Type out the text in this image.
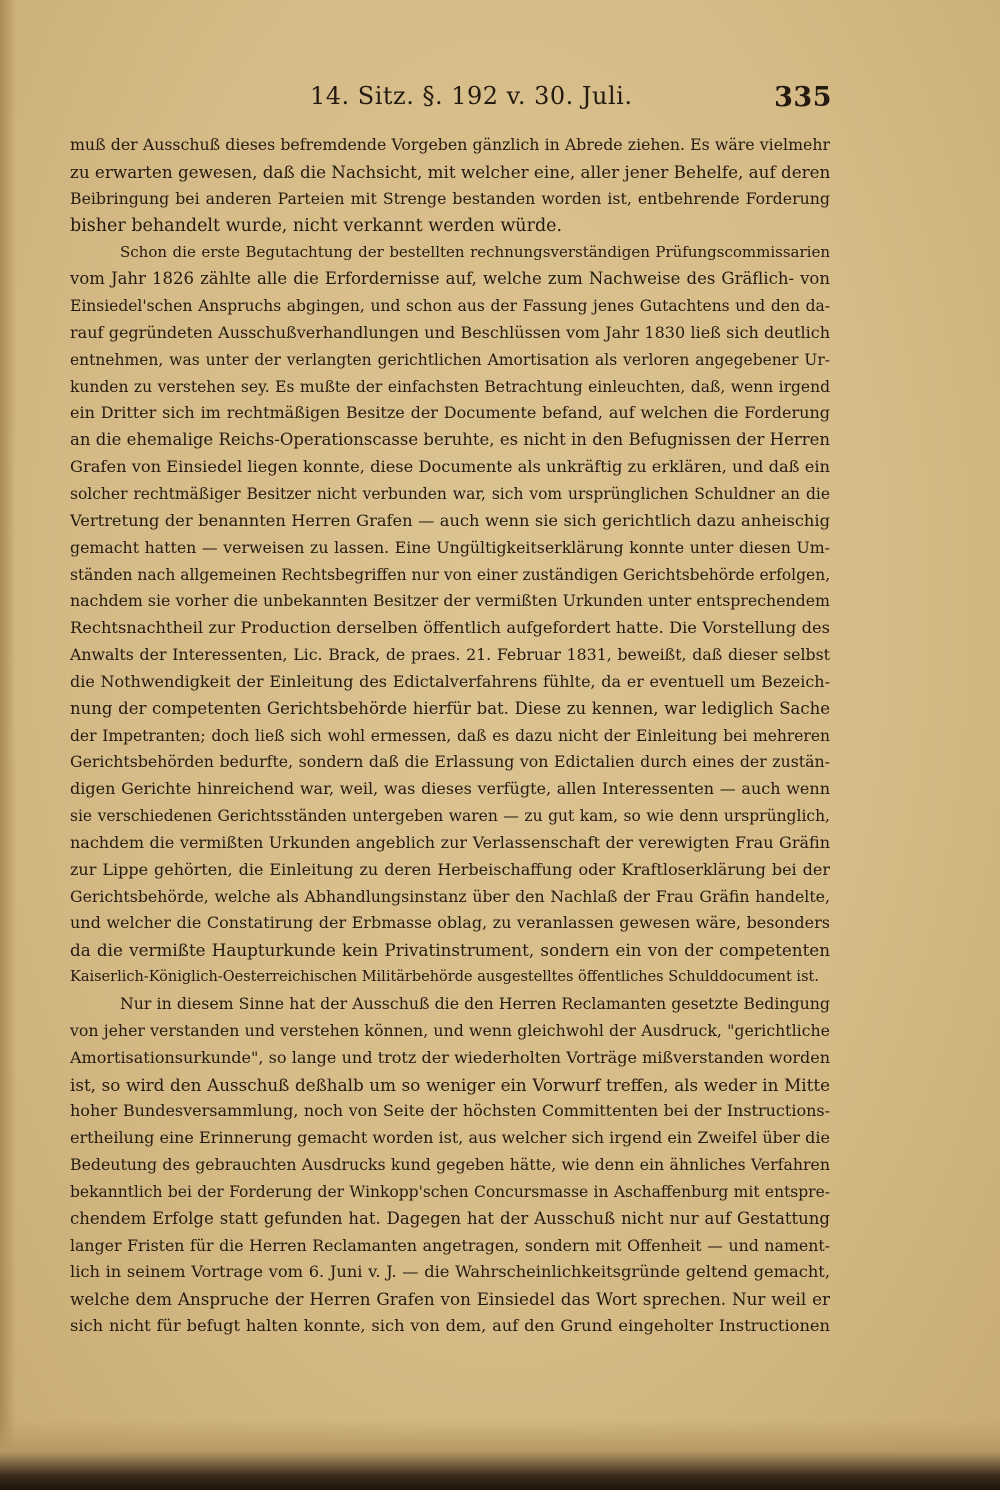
14. Sitz. §. 192 v. 30. Juli.	335
muß der Ausschuß dieses befremdende Vorgeben gänzlich in Abrede ziehen. Es wäre vielmehr
zu erwarten gewesen, daß die Nachsicht, mit welcher eine, aller jener Behelfe, auf deren
Beibringung bei anderen Parteien mit Strenge bestanden worden ist, entbehrende Forderung
bisher behandelt wurde, nicht verkannt werden würde.
Schon die erste Begutachtung der bestellten rechnungsverständigen Prüfungscommissarien
vom Jahr 1826 zählte alle die Erfordernisse auf, welche zum Nachweise des Gräflich- von
Einsiedel'schen Anspruchs abgingen, und schon aus der Fassung jenes Gutachtens und den da-
rauf gegründeten Ausschußverhandlungen und Beschlüssen vom Jahr 1830 ließ sich deutlich
entnehmen, was unter der verlangten gerichtlichen Amortisation als verloren angegebener Ur-
kunden zu verstehen sey. Es mußte der einfachsten Betrachtung einleuchten, daß, wenn irgend
ein Dritter sich im rechtmäßigen Besitze der Documente befand, auf welchen die Forderung
an die ehemalige Reichs-Operationscasse beruhte, es nicht in den Befugnissen der Herren
Grafen von Einsiedel liegen konnte, diese Documente als unkräftig zu erklären, und daß ein
solcher rechtmäßiger Besitzer nicht verbunden war, sich vom ursprünglichen Schuldner an die
Vertretung der benannten Herren Grafen — auch wenn sie sich gerichtlich dazu anheischig
gemacht hatten — verweisen zu lassen. Eine Ungültigkeitserklärung konnte unter diesen Um-
ständen nach allgemeinen Rechtsbegriffen nur von einer zuständigen Gerichtsbehörde erfolgen,
nachdem sie vorher die unbekannten Besitzer der vermißten Urkunden unter entsprechendem
Rechtsnachtheil zur Production derselben öffentlich aufgefordert hatte. Die Vorstellung des
Anwalts der Interessenten, Lic. Brack, de praes. 21. Februar 1831, beweißt, daß dieser selbst
die Nothwendigkeit der Einleitung des Edictalverfahrens fühlte, da er eventuell um Bezeich-
nung der competenten Gerichtsbehörde hierfür bat. Diese zu kennen, war lediglich Sache
der Impetranten; doch ließ sich wohl ermessen, daß es dazu nicht der Einleitung bei mehreren
Gerichtsbehörden bedurfte, sondern daß die Erlassung von Edictalien durch eines der zustän-
digen Gerichte hinreichend war, weil, was dieses verfügte, allen Interessenten — auch wenn
sie verschiedenen Gerichtsständen untergeben waren — zu gut kam, so wie denn ursprünglich,
nachdem die vermißten Urkunden angeblich zur Verlassenschaft der verewigten Frau Gräfin
zur Lippe gehörten, die Einleitung zu deren Herbeischaffung oder Kraftloserklärung bei der
Gerichtsbehörde, welche als Abhandlungsinstanz über den Nachlaß der Frau Gräfin handelte,
und welcher die Constatirung der Erbmasse oblag, zu veranlassen gewesen wäre, besonders
da die vermißte Haupturkunde kein Privatinstrument, sondern ein von der competenten
Kaiserlich-Königlich-Oesterreichischen Militärbehörde ausgestelltes öffentliches Schulddocument ist.
Nur in diesem Sinne hat der Ausschuß die den Herren Reclamanten gesetzte Bedingung
von jeher verstanden und verstehen können, und wenn gleichwohl der Ausdruck, "gerichtliche
Amortisationsurkunde", so lange und trotz der wiederholten Vorträge mißverstanden worden
ist, so wird den Ausschuß deßhalb um so weniger ein Vorwurf treffen, als weder in Mitte
hoher Bundesversammlung, noch von Seite der höchsten Committenten bei der Instructions-
ertheilung eine Erinnerung gemacht worden ist, aus welcher sich irgend ein Zweifel über die
Bedeutung des gebrauchten Ausdrucks kund gegeben hätte, wie denn ein ähnliches Verfahren
bekanntlich bei der Forderung der Winkopp'schen Concursmasse in Aschaffenburg mit entspre-
chendem Erfolge statt gefunden hat. Dagegen hat der Ausschuß nicht nur auf Gestattung
langer Fristen für die Herren Reclamanten angetragen, sondern mit Offenheit — und nament-
lich in seinem Vortrage vom 6. Juni v. J. — die Wahrscheinlichkeitsgründe geltend gemacht,
welche dem Anspruche der Herren Grafen von Einsiedel das Wort sprechen. Nur weil er
sich nicht für befugt halten konnte, sich von dem, auf den Grund eingeholter Instructionen
